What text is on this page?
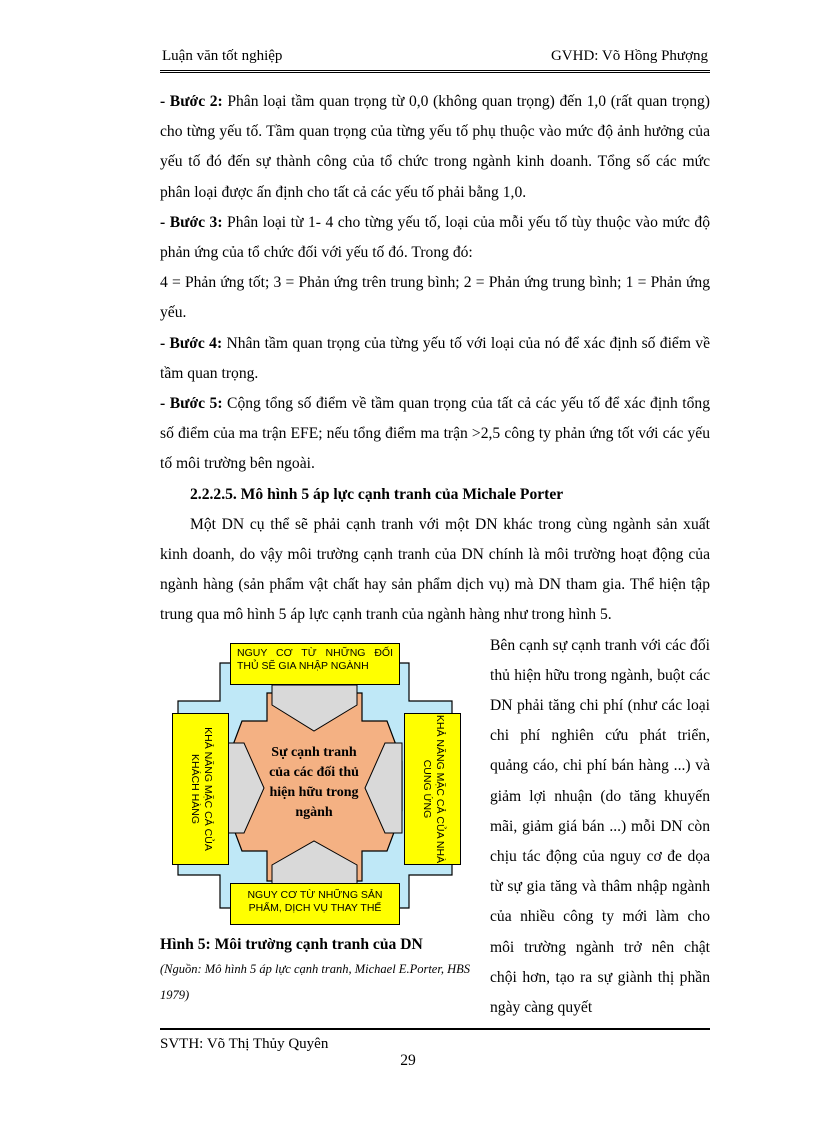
Luận văn tốt nghiệp	GVHD: Võ Hồng Phượng

- Bước 2: Phân loại tầm quan trọng từ 0,0 (không quan trọng) đến 1,0 (rất quan trọng) cho từng yếu tố. Tầm quan trọng của từng yếu tố phụ thuộc vào mức độ ảnh hưởng của yếu tố đó đến sự thành công của tổ chức trong ngành kinh doanh. Tổng số các mức phân loại được ấn định cho tất cả các yếu tố phải bằng 1,0.

- Bước 3: Phân loại từ 1- 4 cho từng yếu tố, loại của mỗi yếu tố tùy thuộc vào mức độ phản ứng của tổ chức đối với yếu tố đó. Trong đó:

4 = Phản ứng tốt; 3 = Phản ứng trên trung bình; 2 = Phản ứng trung bình; 1 = Phản ứng yếu.

- Bước 4: Nhân tầm quan trọng của từng yếu tố với loại của nó để xác định số điểm về tầm quan trọng.

- Bước 5: Cộng tổng số điểm về tầm quan trọng của tất cả các yếu tố để xác định tổng số điểm của ma trận EFE; nếu tổng điểm ma trận >2,5 công ty phản ứng tốt với các yếu tố môi trường bên ngoài.

2.2.2.5. Mô hình 5 áp lực cạnh tranh của Michale Porter

Một DN cụ thể sẽ phải cạnh tranh với một DN khác trong cùng ngành sản xuất kinh doanh, do vậy môi trường cạnh tranh của DN chính là môi trường hoạt động của ngành hàng (sản phẩm vật chất hay sản phẩm dịch vụ) mà DN tham gia. Thể hiện tập trung qua mô hình 5 áp lực cạnh tranh của ngành hàng như trong hình 5.

NGUY CƠ TỪ NHỮNG ĐỐI THỦ SẼ GIA NHẬP NGÀNH
NGUY CƠ TỪ NHỮNG SẢN PHẨM, DỊCH VỤ THAY THẾ
KHẢ NĂNG MẶC CẢ CỦA KHÁCH HÀNG	KHẢ NĂNG MẶC CẢ CỦA NHÀ CUNG ỨNG
Sự cạnh tranh của các đối thủ hiện hữu trong ngành
Hình 5: Môi trường cạnh tranh của DN
(Nguồn: Mô hình 5 áp lực cạnh tranh, Michael E.Porter, HBS 1979)

Bên cạnh sự cạnh tranh với các đối thủ hiện hữu trong ngành, buột các DN phải tăng chi phí (như các loại chi phí nghiên cứu phát triển, quảng cáo, chi phí bán hàng ...) và giảm lợi nhuận (do tăng khuyến mãi, giảm giá bán ...) mỗi DN còn chịu tác động của nguy cơ đe dọa từ sự gia tăng và thâm nhập ngành của nhiều công ty mới làm cho môi trường ngành trở nên chật chội hơn, tạo ra sự giành thị phần ngày càng quyết

SVTH: Võ Thị Thủy Quyên
29
